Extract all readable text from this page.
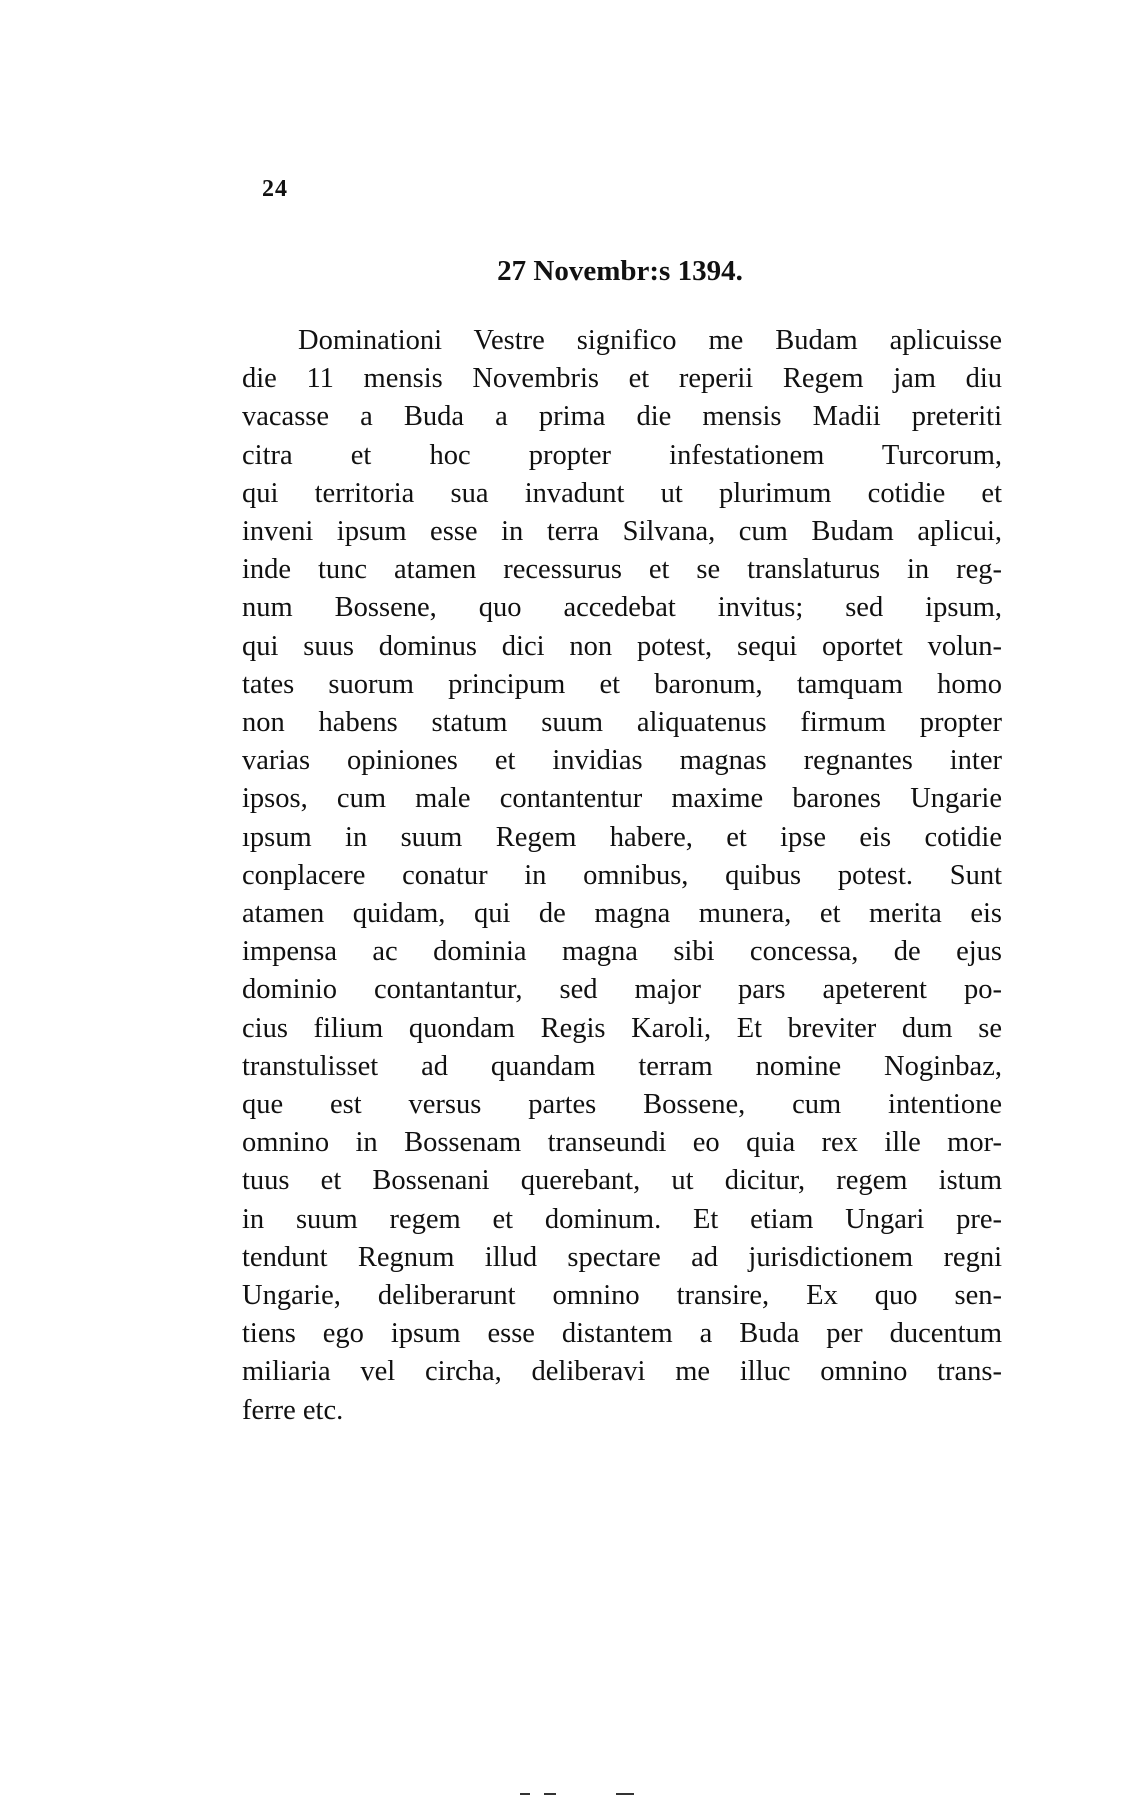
24
27 Novembr:s 1394.
Dominationi Vestre significo me Budam aplicuisse
die 11 mensis Novembris et reperii Regem jam diu
vacasse a Buda a prima die mensis Madii preteriti
citra et hoc propter infestationem Turcorum,
qui territoria sua invadunt ut plurimum cotidie et
inveni ipsum esse in terra Silvana, cum Budam aplicui,
inde tunc atamen recessurus et se translaturus in reg-
num Bossene, quo accedebat invitus; sed ipsum,
qui suus dominus dici non potest, sequi oportet volun-
tates suorum principum et baronum, tamquam homo
non habens statum suum aliquatenus firmum propter
varias opiniones et invidias magnas regnantes inter
ipsos, cum male contantentur maxime barones Ungarie
ıpsum in suum Regem habere, et ipse eis cotidie
conplacere conatur in omnibus, quibus potest. Sunt
atamen quidam, qui de magna munera, et merita eis
impensa ac dominia magna sibi concessa, de ejus
dominio contantantur, sed major pars apeterent po-
cius filium quondam Regis Karoli, Et breviter dum se
transtulisset ad quandam terram nomine Noginbaz,
que est versus partes Bossene, cum intentione
omnino in Bossenam transeundi eo quia rex ille mor-
tuus et Bossenani querebant, ut dicitur, regem istum
in suum regem et dominum. Et etiam Ungari pre-
tendunt Regnum illud spectare ad jurisdictionem regni
Ungarie, deliberarunt omnino transire, Ex quo sen-
tiens ego ipsum esse distantem a Buda per ducentum
miliaria vel circha, deliberavi me illuc omnino trans-
ferre etc.
